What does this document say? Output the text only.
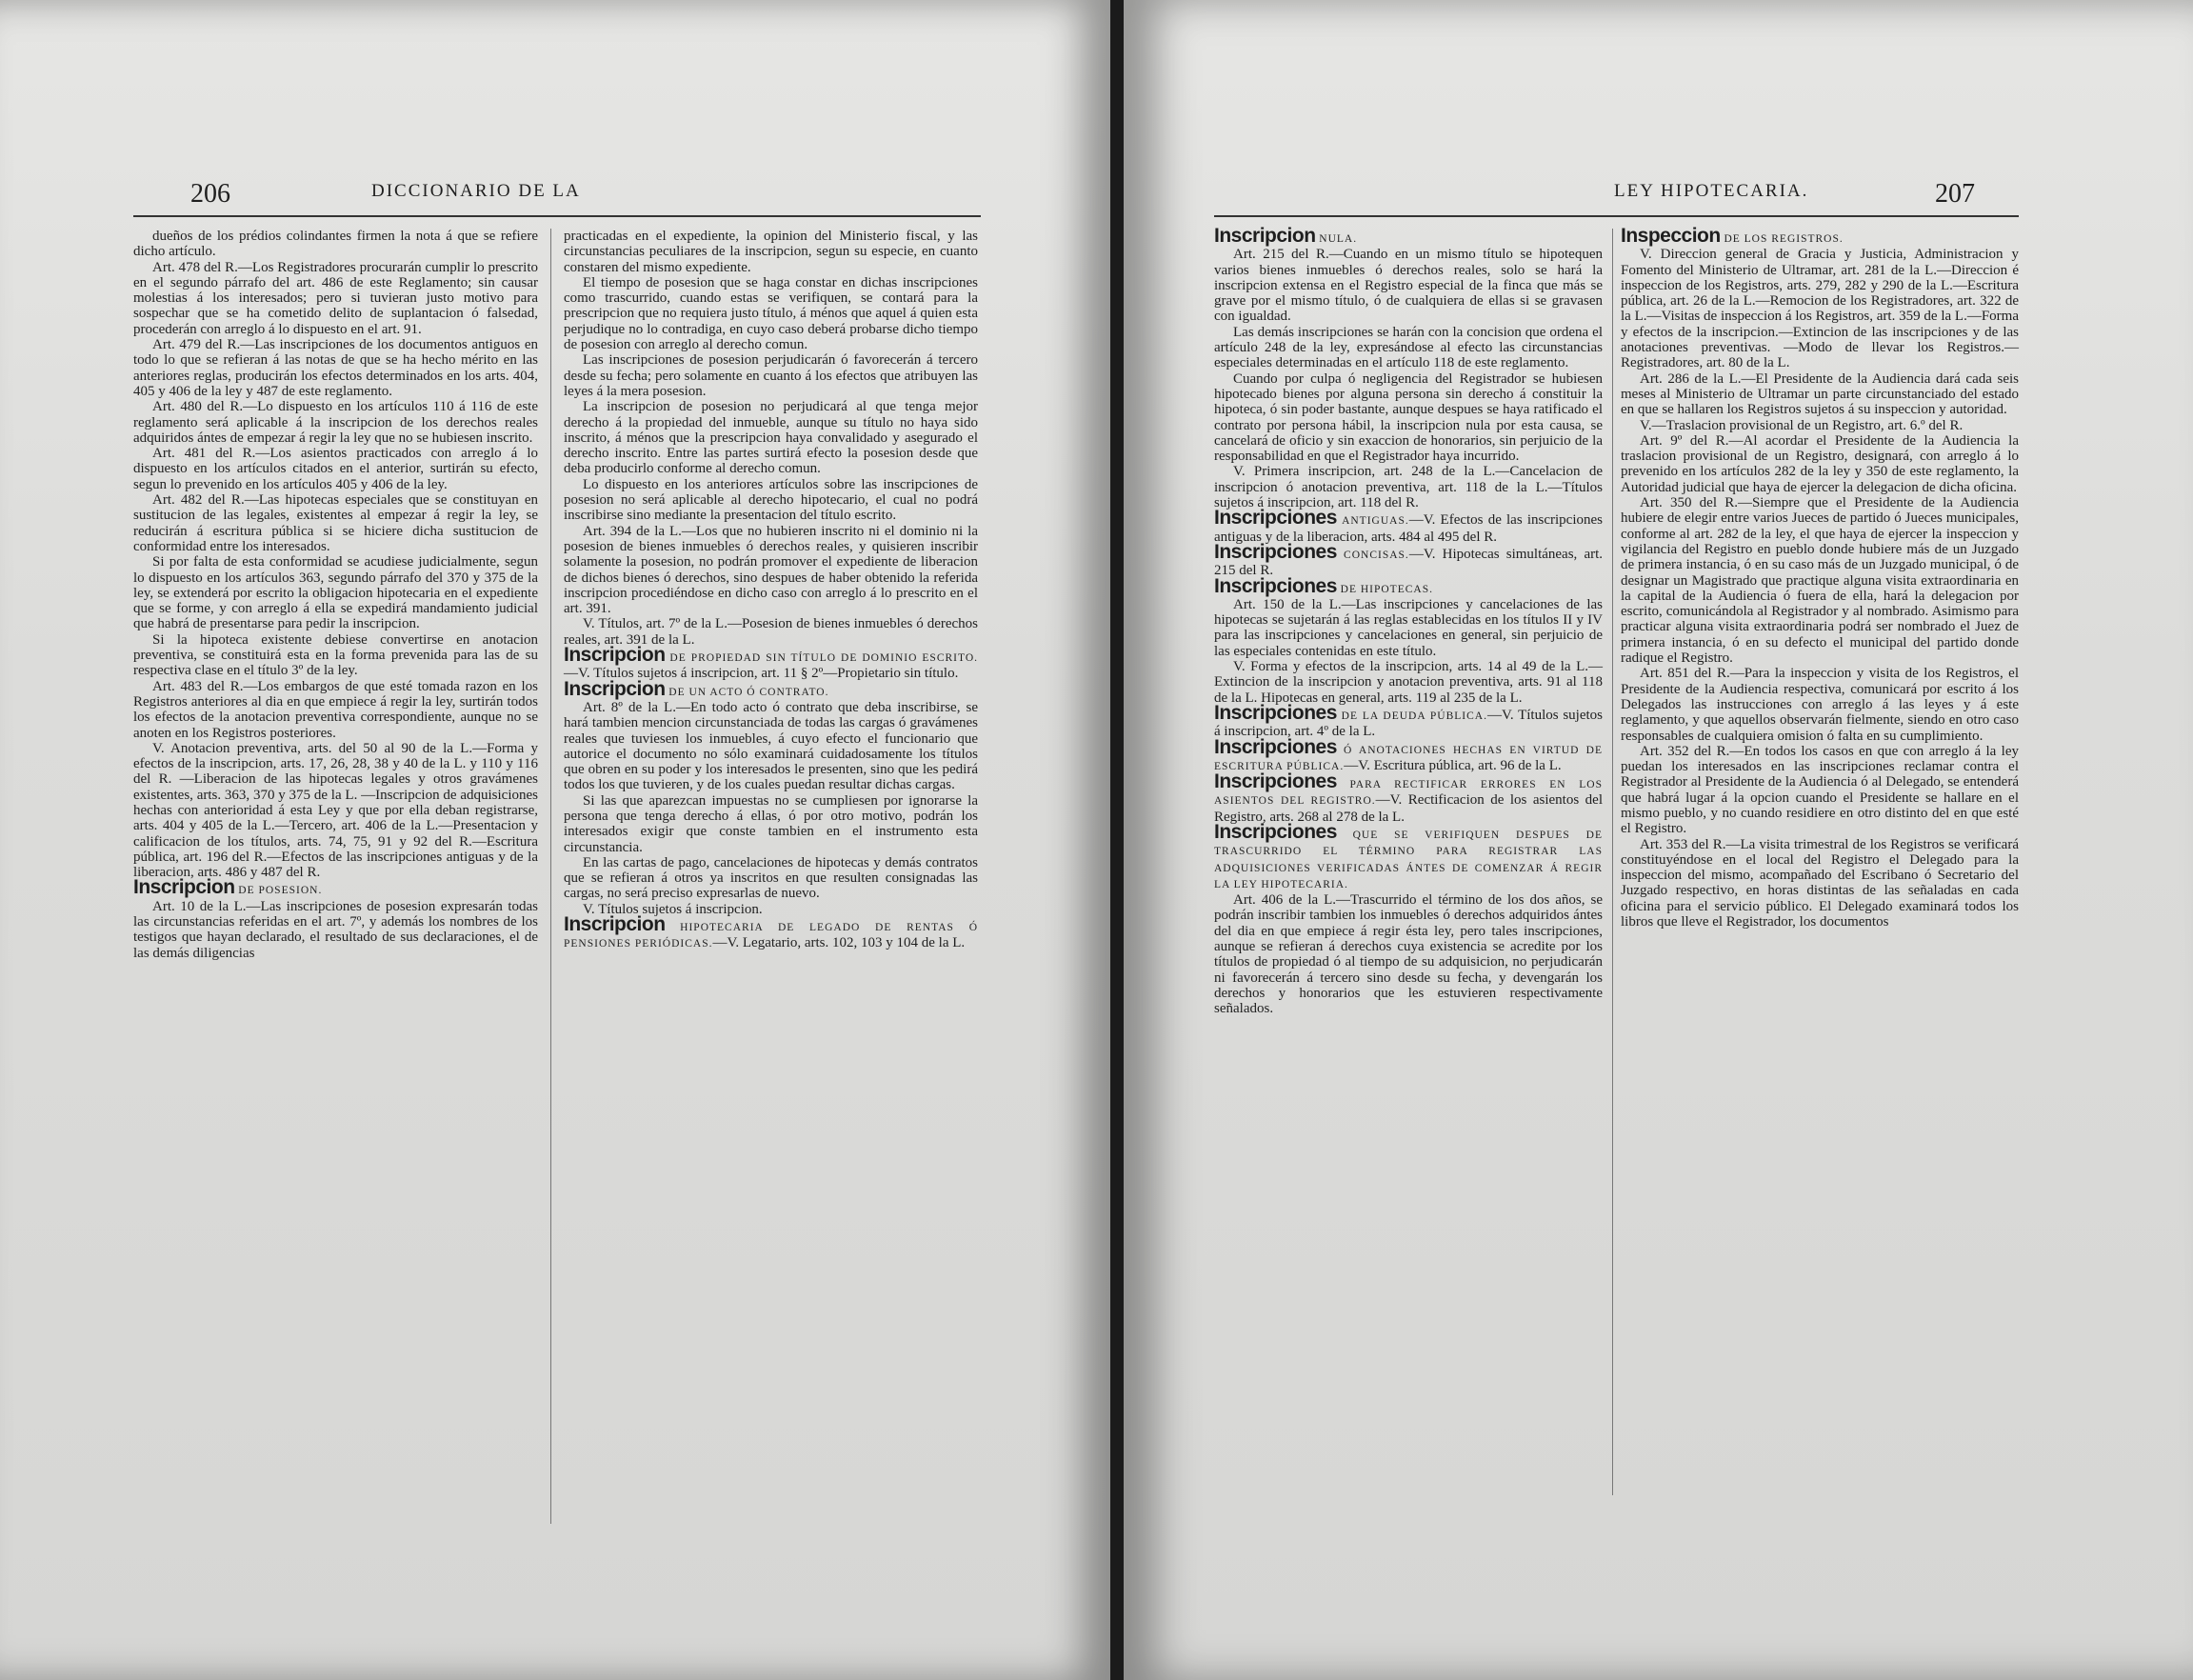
206	DICCIONARIO DE LA

dueños de los prédios colindantes firmen la nota á que se refiere dicho artículo.

Art. 478 del R.—Los Registradores procurarán cumplir lo prescrito en el segundo párrafo del art. 486 de este Reglamento; sin causar molestias á los interesados; pero si tuvieran justo motivo para sospechar que se ha cometido delito de suplantacion ó falsedad, procederán con arreglo á lo dispuesto en el art. 91.

Art. 479 del R.—Las inscripciones de los documentos antiguos en todo lo que se refieran á las notas de que se ha hecho mérito en las anteriores reglas, producirán los efectos determinados en los arts. 404, 405 y 406 de la ley y 487 de este reglamento.

Art. 480 del R.—Lo dispuesto en los artículos 110 á 116 de este reglamento será aplicable á la inscripcion de los derechos reales adquiridos ántes de empezar á regir la ley que no se hubiesen inscrito.

Art. 481 del R.—Los asientos practicados con arreglo á lo dispuesto en los artículos citados en el anterior, surtirán su efecto, segun lo prevenido en los artículos 405 y 406 de la ley.

Art. 482 del R.—Las hipotecas especiales que se constituyan en sustitucion de las legales, existentes al empezar á regir la ley, se reducirán á escritura pública si se hiciere dicha sustitucion de conformidad entre los interesados.

Si por falta de esta conformidad se acudiese judicialmente, segun lo dispuesto en los artículos 363, segundo párrafo del 370 y 375 de la ley, se extenderá por escrito la obligacion hipotecaria en el expediente que se forme, y con arreglo á ella se expedirá mandamiento judicial que habrá de presentarse para pedir la inscripcion.

Si la hipoteca existente debiese convertirse en anotacion preventiva, se constituirá esta en la forma prevenida para las de su respectiva clase en el título 3º de la ley.

Art. 483 del R.—Los embargos de que esté tomada razon en los Registros anteriores al dia en que empiece á regir la ley, surtirán todos los efectos de la anotacion preventiva correspondiente, aunque no se anoten en los Registros posteriores.

V. Anotacion preventiva, arts. del 50 al 90 de la L.—Forma y efectos de la inscripcion, arts. 17, 26, 28, 38 y 40 de la L. y 110 y 116 del R. —Liberacion de las hipotecas legales y otros gravámenes existentes, arts. 363, 370 y 375 de la L. —Inscripcion de adquisiciones hechas con anterioridad á esta Ley y que por ella deban registrarse, arts. 404 y 405 de la L.—Tercero, art. 406 de la L.—Presentacion y calificacion de los títulos, arts. 74, 75, 91 y 92 del R.—Escritura pública, art. 196 del R.—Efectos de las inscripciones antiguas y de la liberacion, arts. 486 y 487 del R.

Inscripcion DE POSESION.

Art. 10 de la L.—Las inscripciones de posesion expresarán todas las circunstancias referidas en el art. 7º, y además los nombres de los testigos que hayan declarado, el resultado de sus declaraciones, el de las demás diligencias

practicadas en el expediente, la opinion del Ministerio fiscal, y las circunstancias peculiares de la inscripcion, segun su especie, en cuanto constaren del mismo expediente.

El tiempo de posesion que se haga constar en dichas inscripciones como trascurrido, cuando estas se verifiquen, se contará para la prescripcion que no requiera justo título, á ménos que aquel á quien esta perjudique no lo contradiga, en cuyo caso deberá probarse dicho tiempo de posesion con arreglo al derecho comun.

Las inscripciones de posesion perjudicarán ó favorecerán á tercero desde su fecha; pero solamente en cuanto á los efectos que atribuyen las leyes á la mera posesion.

La inscripcion de posesion no perjudicará al que tenga mejor derecho á la propiedad del inmueble, aunque su título no haya sido inscrito, á ménos que la prescripcion haya convalidado y asegurado el derecho inscrito. Entre las partes surtirá efecto la posesion desde que deba producirlo conforme al derecho comun.

Lo dispuesto en los anteriores artículos sobre las inscripciones de posesion no será aplicable al derecho hipotecario, el cual no podrá inscribirse sino mediante la presentacion del título escrito.

Art. 394 de la L.—Los que no hubieren inscrito ni el dominio ni la posesion de bienes inmuebles ó derechos reales, y quisieren inscribir solamente la posesion, no podrán promover el expediente de liberacion de dichos bienes ó derechos, sino despues de haber obtenido la referida inscripcion procediéndose en dicho caso con arreglo á lo prescrito en el art. 391.

V. Títulos, art. 7º de la L.—Posesion de bienes inmuebles ó derechos reales, art. 391 de la L.

Inscripcion DE PROPIEDAD SIN TÍTULO DE DOMINIO ESCRITO.—V. Títulos sujetos á inscripcion, art. 11 § 2º—Propietario sin título.

Inscripcion DE UN ACTO Ó CONTRATO.

Art. 8º de la L.—En todo acto ó contrato que deba inscribirse, se hará tambien mencion circunstanciada de todas las cargas ó gravámenes reales que tuviesen los inmuebles, á cuyo efecto el funcionario que autorice el documento no sólo examinará cuidadosamente los títulos que obren en su poder y los interesados le presenten, sino que les pedirá todos los que tuvieren, y de los cuales puedan resultar dichas cargas.

Si las que aparezcan impuestas no se cumpliesen por ignorarse la persona que tenga derecho á ellas, ó por otro motivo, podrán los interesados exigir que conste tambien en el instrumento esta circunstancia.

En las cartas de pago, cancelaciones de hipotecas y demás contratos que se refieran á otros ya inscritos en que resulten consignadas las cargas, no será preciso expresarlas de nuevo.

V. Títulos sujetos á inscripcion.

Inscripcion HIPOTECARIA DE LEGADO DE RENTAS Ó PENSIONES PERIÓDICAS.—V. Legatario, arts. 102, 103 y 104 de la L.

LEY HIPOTECARIA.	207

Inscripcion NULA.

Art. 215 del R.—Cuando en un mismo título se hipotequen varios bienes inmuebles ó derechos reales, solo se hará la inscripcion extensa en el Registro especial de la finca que más se grave por el mismo título, ó de cualquiera de ellas si se gravasen con igualdad.

Las demás inscripciones se harán con la concision que ordena el artículo 248 de la ley, expresándose al efecto las circunstancias especiales determinadas en el artículo 118 de este reglamento.

Cuando por culpa ó negligencia del Registrador se hubiesen hipotecado bienes por alguna persona sin derecho á constituir la hipoteca, ó sin poder bastante, aunque despues se haya ratificado el contrato por persona hábil, la inscripcion nula por esta causa, se cancelará de oficio y sin exaccion de honorarios, sin perjuicio de la responsabilidad en que el Registrador haya incurrido.

V. Primera inscripcion, art. 248 de la L.—Cancelacion de inscripcion ó anotacion preventiva, art. 118 de la L.—Títulos sujetos á inscripcion, art. 118 del R.

Inscripciones ANTIGUAS.—V. Efectos de las inscripciones antiguas y de la liberacion, arts. 484 al 495 del R.

Inscripciones CONCISAS.—V. Hipotecas simultáneas, art. 215 del R.

Inscripciones DE HIPOTECAS.

Art. 150 de la L.—Las inscripciones y cancelaciones de las hipotecas se sujetarán á las reglas establecidas en los títulos II y IV para las inscripciones y cancelaciones en general, sin perjuicio de las especiales contenidas en este título.

V. Forma y efectos de la inscripcion, arts. 14 al 49 de la L.—Extincion de la inscripcion y anotacion preventiva, arts. 91 al 118 de la L. Hipotecas en general, arts. 119 al 235 de la L.

Inscripciones DE LA DEUDA PÚBLICA.—V. Títulos sujetos á inscripcion, art. 4º de la L.

Inscripciones Ó ANOTACIONES HECHAS EN VIRTUD DE ESCRITURA PÚBLICA.—V. Escritura pública, art. 96 de la L.

Inscripciones PARA RECTIFICAR ERRORES EN LOS ASIENTOS DEL REGISTRO.—V. Rectificacion de los asientos del Registro, arts. 268 al 278 de la L.

Inscripciones QUE SE VERIFIQUEN DESPUES DE TRASCURRIDO EL TÉRMINO PARA REGISTRAR LAS ADQUISICIONES VERIFICADAS ÁNTES DE COMENZAR Á REGIR LA LEY HIPOTECARIA.

Art. 406 de la L.—Trascurrido el término de los dos años, se podrán inscribir tambien los inmuebles ó derechos adquiridos ántes del dia en que empiece á regir ésta ley, pero tales inscripciones, aunque se refieran á derechos cuya existencia se acredite por los títulos de propiedad ó al tiempo de su adquisicion, no perjudicarán ni favorecerán á tercero sino desde su fecha, y devengarán los derechos y honorarios que les estuvieren respectivamente señalados.

Inspeccion DE LOS REGISTROS.

V. Direccion general de Gracia y Justicia, Administracion y Fomento del Ministerio de Ultramar, art. 281 de la L.—Direccion é inspeccion de los Registros, arts. 279, 282 y 290 de la L.—Escritura pública, art. 26 de la L.—Remocion de los Registradores, art. 322 de la L.—Visitas de inspeccion á los Registros, art. 359 de la L.—Forma y efectos de la inscripcion.—Extincion de las inscripciones y de las anotaciones preventivas. —Modo de llevar los Registros.—Registradores, art. 80 de la L.

Art. 286 de la L.—El Presidente de la Audiencia dará cada seis meses al Ministerio de Ultramar un parte circunstanciado del estado en que se hallaren los Registros sujetos á su inspeccion y autoridad.

V.—Traslacion provisional de un Registro, art. 6.º del R.

Art. 9º del R.—Al acordar el Presidente de la Audiencia la traslacion provisional de un Registro, designará, con arreglo á lo prevenido en los artículos 282 de la ley y 350 de este reglamento, la Autoridad judicial que haya de ejercer la delegacion de dicha oficina.

Art. 350 del R.—Siempre que el Presidente de la Audiencia hubiere de elegir entre varios Jueces de partido ó Jueces municipales, conforme al art. 282 de la ley, el que haya de ejercer la inspeccion y vigilancia del Registro en pueblo donde hubiere más de un Juzgado de primera instancia, ó en su caso más de un Juzgado municipal, ó de designar un Magistrado que practique alguna visita extraordinaria en la capital de la Audiencia ó fuera de ella, hará la delegacion por escrito, comunicándola al Registrador y al nombrado. Asimismo para practicar alguna visita extraordinaria podrá ser nombrado el Juez de primera instancia, ó en su defecto el municipal del partido donde radique el Registro.

Art. 851 del R.—Para la inspeccion y visita de los Registros, el Presidente de la Audiencia respectiva, comunicará por escrito á los Delegados las instrucciones con arreglo á las leyes y á este reglamento, y que aquellos observarán fielmente, siendo en otro caso responsables de cualquiera omision ó falta en su cumplimiento.

Art. 352 del R.—En todos los casos en que con arreglo á la ley puedan los interesados en las inscripciones reclamar contra el Registrador al Presidente de la Audiencia ó al Delegado, se entenderá que habrá lugar á la opcion cuando el Presidente se hallare en el mismo pueblo, y no cuando residiere en otro distinto del en que esté el Registro.

Art. 353 del R.—La visita trimestral de los Registros se verificará constituyéndose en el local del Registro el Delegado para la inspeccion del mismo, acompañado del Escribano ó Secretario del Juzgado respectivo, en horas distintas de las señaladas en cada oficina para el servicio público. El Delegado examinará todos los libros que lleve el Registrador, los documentos
